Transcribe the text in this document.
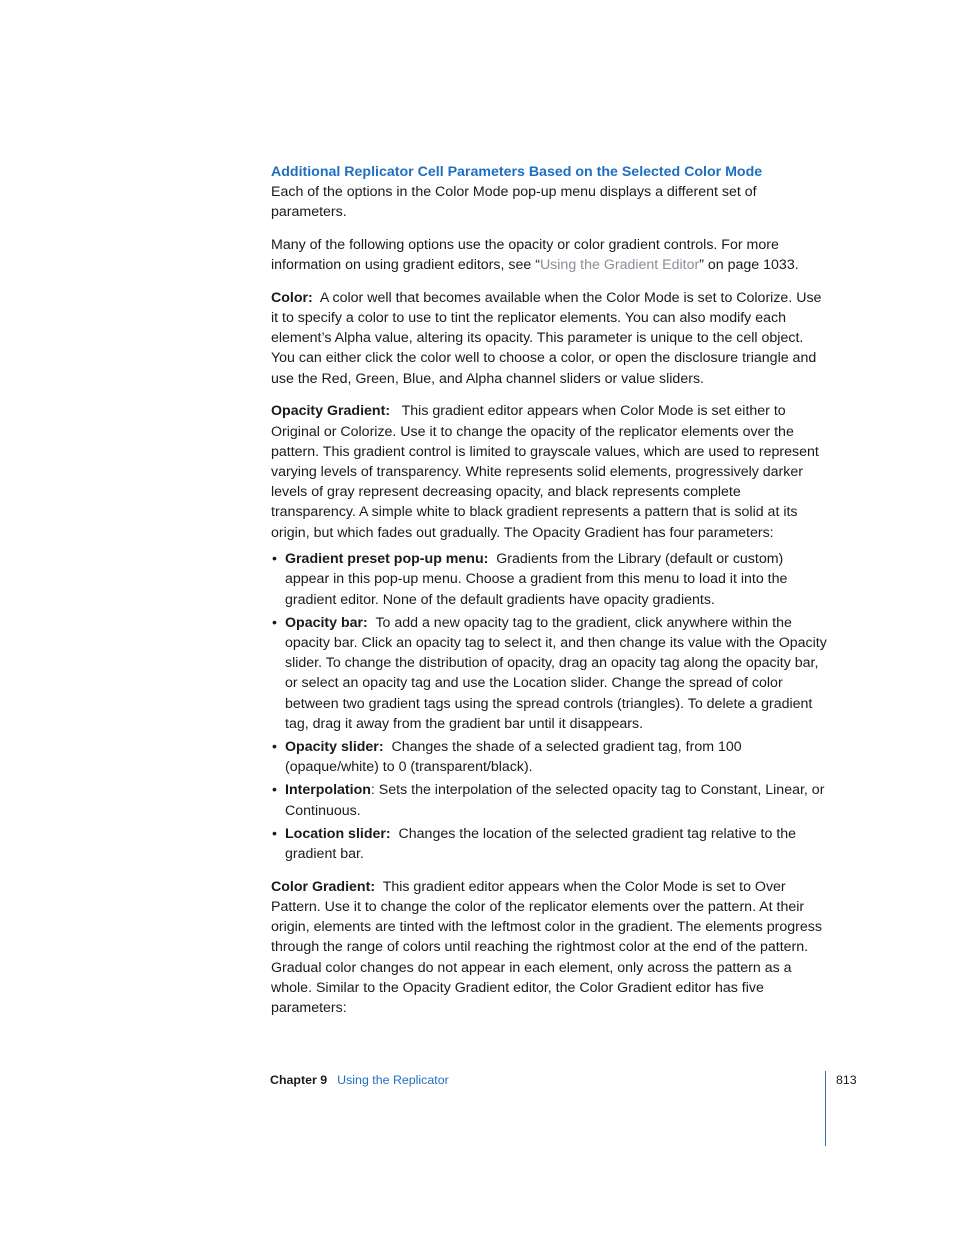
Additional Replicator Cell Parameters Based on the Selected Color Mode

Each of the options in the Color Mode pop-up menu displays a different set of parameters.

Many of the following options use the opacity or color gradient controls. For more information on using gradient editors, see “Using the Gradient Editor” on page 1033.

Color: A color well that becomes available when the Color Mode is set to Colorize. Use it to specify a color to use to tint the replicator elements. You can also modify each element’s Alpha value, altering its opacity. This parameter is unique to the cell object. You can either click the color well to choose a color, or open the disclosure triangle and use the Red, Green, Blue, and Alpha channel sliders or value sliders.

Opacity Gradient: This gradient editor appears when Color Mode is set either to Original or Colorize. Use it to change the opacity of the replicator elements over the pattern. This gradient control is limited to grayscale values, which are used to represent varying levels of transparency. White represents solid elements, progressively darker levels of gray represent decreasing opacity, and black represents complete transparency. A simple white to black gradient represents a pattern that is solid at its origin, but which fades out gradually. The Opacity Gradient has four parameters:

• Gradient preset pop-up menu: Gradients from the Library (default or custom) appear in this pop-up menu. Choose a gradient from this menu to load it into the gradient editor. None of the default gradients have opacity gradients.
• Opacity bar: To add a new opacity tag to the gradient, click anywhere within the opacity bar. Click an opacity tag to select it, and then change its value with the Opacity slider. To change the distribution of opacity, drag an opacity tag along the opacity bar, or select an opacity tag and use the Location slider. Change the spread of color between two gradient tags using the spread controls (triangles). To delete a gradient tag, drag it away from the gradient bar until it disappears.
• Opacity slider: Changes the shade of a selected gradient tag, from 100 (opaque/white) to 0 (transparent/black).
• Interpolation: Sets the interpolation of the selected opacity tag to Constant, Linear, or Continuous.
• Location slider: Changes the location of the selected gradient tag relative to the gradient bar.

Color Gradient: This gradient editor appears when the Color Mode is set to Over Pattern. Use it to change the color of the replicator elements over the pattern. At their origin, elements are tinted with the leftmost color in the gradient. The elements progress through the range of colors until reaching the rightmost color at the end of the pattern. Gradual color changes do not appear in each element, only across the pattern as a whole. Similar to the Opacity Gradient editor, the Color Gradient editor has five parameters:

Chapter 9 Using the Replicator	813
